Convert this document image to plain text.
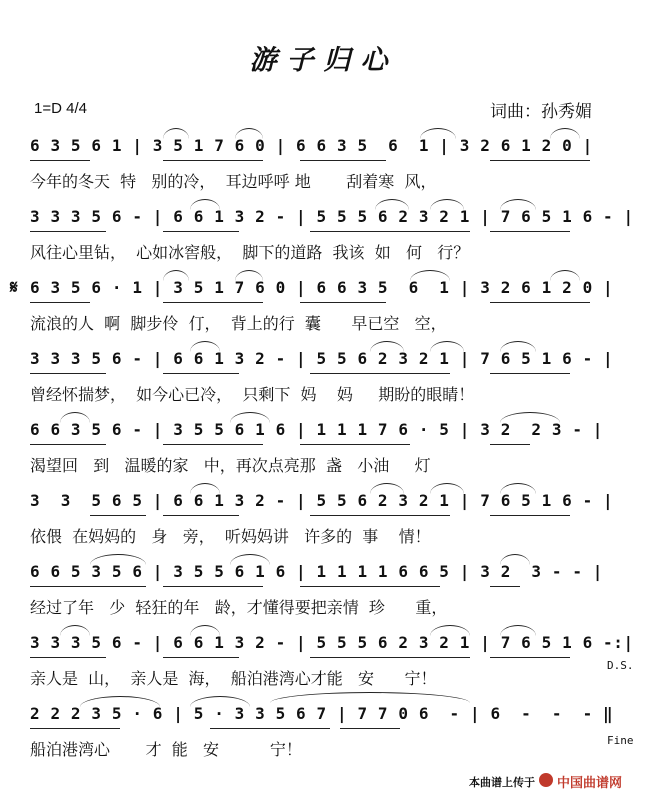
游子归心
1=D 4/4	词曲：孙秀媚
6 3 5 6 1 | 3 5 1 7 6 0 | 6 6 3 5  6  1 | 3 2 6 1 2 0 |
今年的冬天  特   别的冷，  耳边呼呼 地       刮着寒  风，
3 3 3 5 6 - | 6 6 1 3 2 - | 5 5 5 6 2 3 2 1 | 7 6 5 1 6 - |
风往心里钻，  心如冰窖般，  脚下的道路  我该  如   何   行？
𝄋 6 3 5 6 · 1 | 3 5 1 7 6 0 | 6 6 3 5  6  1 | 3 2 6 1 2 0 |
流浪的人  啊  脚步伶  仃，  背上的行  囊      早已空   空，
3 3 3 5 6 - | 6 6 1 3 2 - | 5 5 6 2 3 2 1 | 7 6 5 1 6 - |
曾经怀揣梦，  如今心已冷，  只剩下  妈    妈     期盼的眼睛！
6 6 3 5 6 - | 3 5 5 6 1 6 | 1 1 1 7 6 · 5 | 3 2  2 3 - |
渴望回   到   温暖的家   中，再次点亮那  盏   小油     灯
3  3  5 6 5 | 6 6 1 3 2 - | 5 5 6 2 3 2 1 | 7 6 5 1 6 - |
依偎  在妈妈的   身   旁，  听妈妈讲   许多的  事    情！
6 6 5 3 5 6 | 3 5 5 6 1 6 | 1 1 1 1 6 6 5 | 3 2  3 - - |
经过了年   少  轻狂的年   龄，才懂得要把亲情  珍      重，
3 3 3 5 6 - | 6 6 1 3 2 - | 5 5 5 6 2 3 2 1 | 7 6 5 1 6 -:|
D.S.
亲人是  山，  亲人是  海，  船泊港湾心才能   安      宁！
2 2 2 3 5 · 6 | 5 · 3 3 5 6 7 | 7 7 0 6  - | 6  -  -  - ‖
Fine
船泊港湾心       才  能   安          宁！
本曲谱上传于 中国曲谱网
